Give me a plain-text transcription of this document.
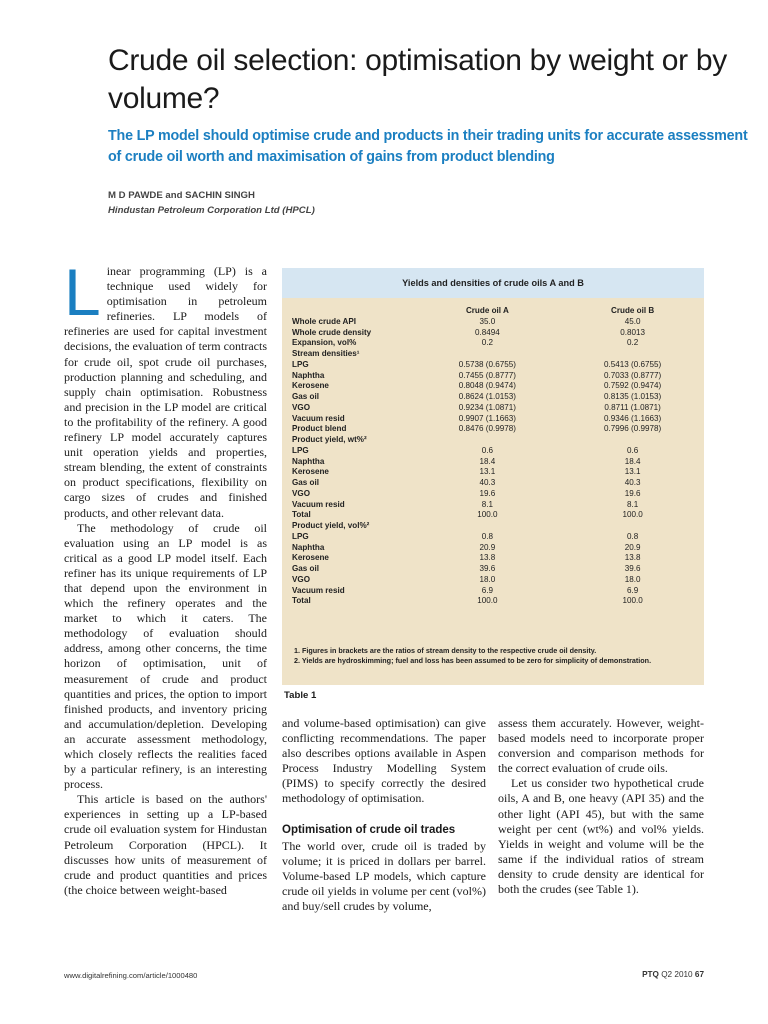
Crude oil selection: optimisation by weight or by volume?
The LP model should optimise crude and products in their trading units for accurate assessment of crude oil worth and maximisation of gains from product blending
M D PAWDE and SACHIN SINGH
Hindustan Petroleum Corporation Ltd (HPCL)

Linear programming (LP) is a technique used widely for optimisation in petroleum refineries. LP models of refineries are used for capital investment decisions, the evaluation of term contracts for crude oil, spot crude oil purchases, production planning and scheduling, and supply chain optimisation. Robustness and precision in the LP model are critical to the profitability of the refinery. A good refinery LP model accurately captures unit operation yields and properties, stream blending, the extent of constraints on product specifications, flexibility on cargo sizes of crudes and finished products, and other relevant data.

The methodology of crude oil evaluation using an LP model is as critical as a good LP model itself. Each refiner has its unique requirements of LP that depend upon the environment in which the refinery operates and the market to which it caters. The methodology of evaluation should address, among other concerns, the time horizon of optimisation, unit of measurement of crude and product quantities and prices, the option to import finished products, and inventory pricing and accumulation/depletion. Developing an accurate assessment methodology, which closely reflects the realities faced by a particular refinery, is an interesting process.

This article is based on the authors' experiences in setting up a LP-based crude oil evaluation system for Hindustan Petroleum Corporation (HPCL). It discusses how units of measurement of crude and product quantities and prices (the choice between weight-based

Yields and densities of crude oils A and B
	Crude oil A	Crude oil B
Whole crude API	35.0	45.0
Whole crude density	0.8494	0.8013
Expansion, vol%	0.2	0.2
Stream densities¹		
LPG	0.5738 (0.6755)	0.5413 (0.6755)
Naphtha	0.7455 (0.8777)	0.7033 (0.8777)
Kerosene	0.8048 (0.9474)	0.7592 (0.9474)
Gas oil	0.8624 (1.0153)	0.8135 (1.0153)
VGO	0.9234 (1.0871)	0.8711 (1.0871)
Vacuum resid	0.9907 (1.1663)	0.9346 (1.1663)
Product blend	0.8476 (0.9978)	0.7996 (0.9978)
Product yield, wt%²		
LPG	0.6	0.6
Naphtha	18.4	18.4
Kerosene	13.1	13.1
Gas oil	40.3	40.3
VGO	19.6	19.6
Vacuum resid	8.1	8.1
Total	100.0	100.0
Product yield, vol%²		
LPG	0.8	0.8
Naphtha	20.9	20.9
Kerosene	13.8	13.8
Gas oil	39.6	39.6
VGO	18.0	18.0
Vacuum resid	6.9	6.9
Total	100.0	100.0
1. Figures in brackets are the ratios of stream density to the respective crude oil density.
2. Yields are hydroskimming; fuel and loss has been assumed to be zero for simplicity of demonstration.
Table 1

and volume-based optimisation) can give conflicting recommendations. The paper also describes options available in Aspen Process Industry Modelling System (PIMS) to specify correctly the desired methodology of optimisation.

Optimisation of crude oil trades

The world over, crude oil is traded by volume; it is priced in dollars per barrel. Volume-based LP models, which capture crude oil yields in volume per cent (vol%) and buy/sell crudes by volume,

assess them accurately. However, weight-based models need to incorporate proper conversion and comparison methods for the correct evaluation of crude oils.

Let us consider two hypothetical crude oils, A and B, one heavy (API 35) and the other light (API 45), but with the same weight per cent (wt%) and vol% yields. Yields in weight and volume will be the same if the individual ratios of stream density to crude density are identical for both the crudes (see Table 1).

www.digitalrefining.com/article/1000480	PTQ Q2 2010 67
